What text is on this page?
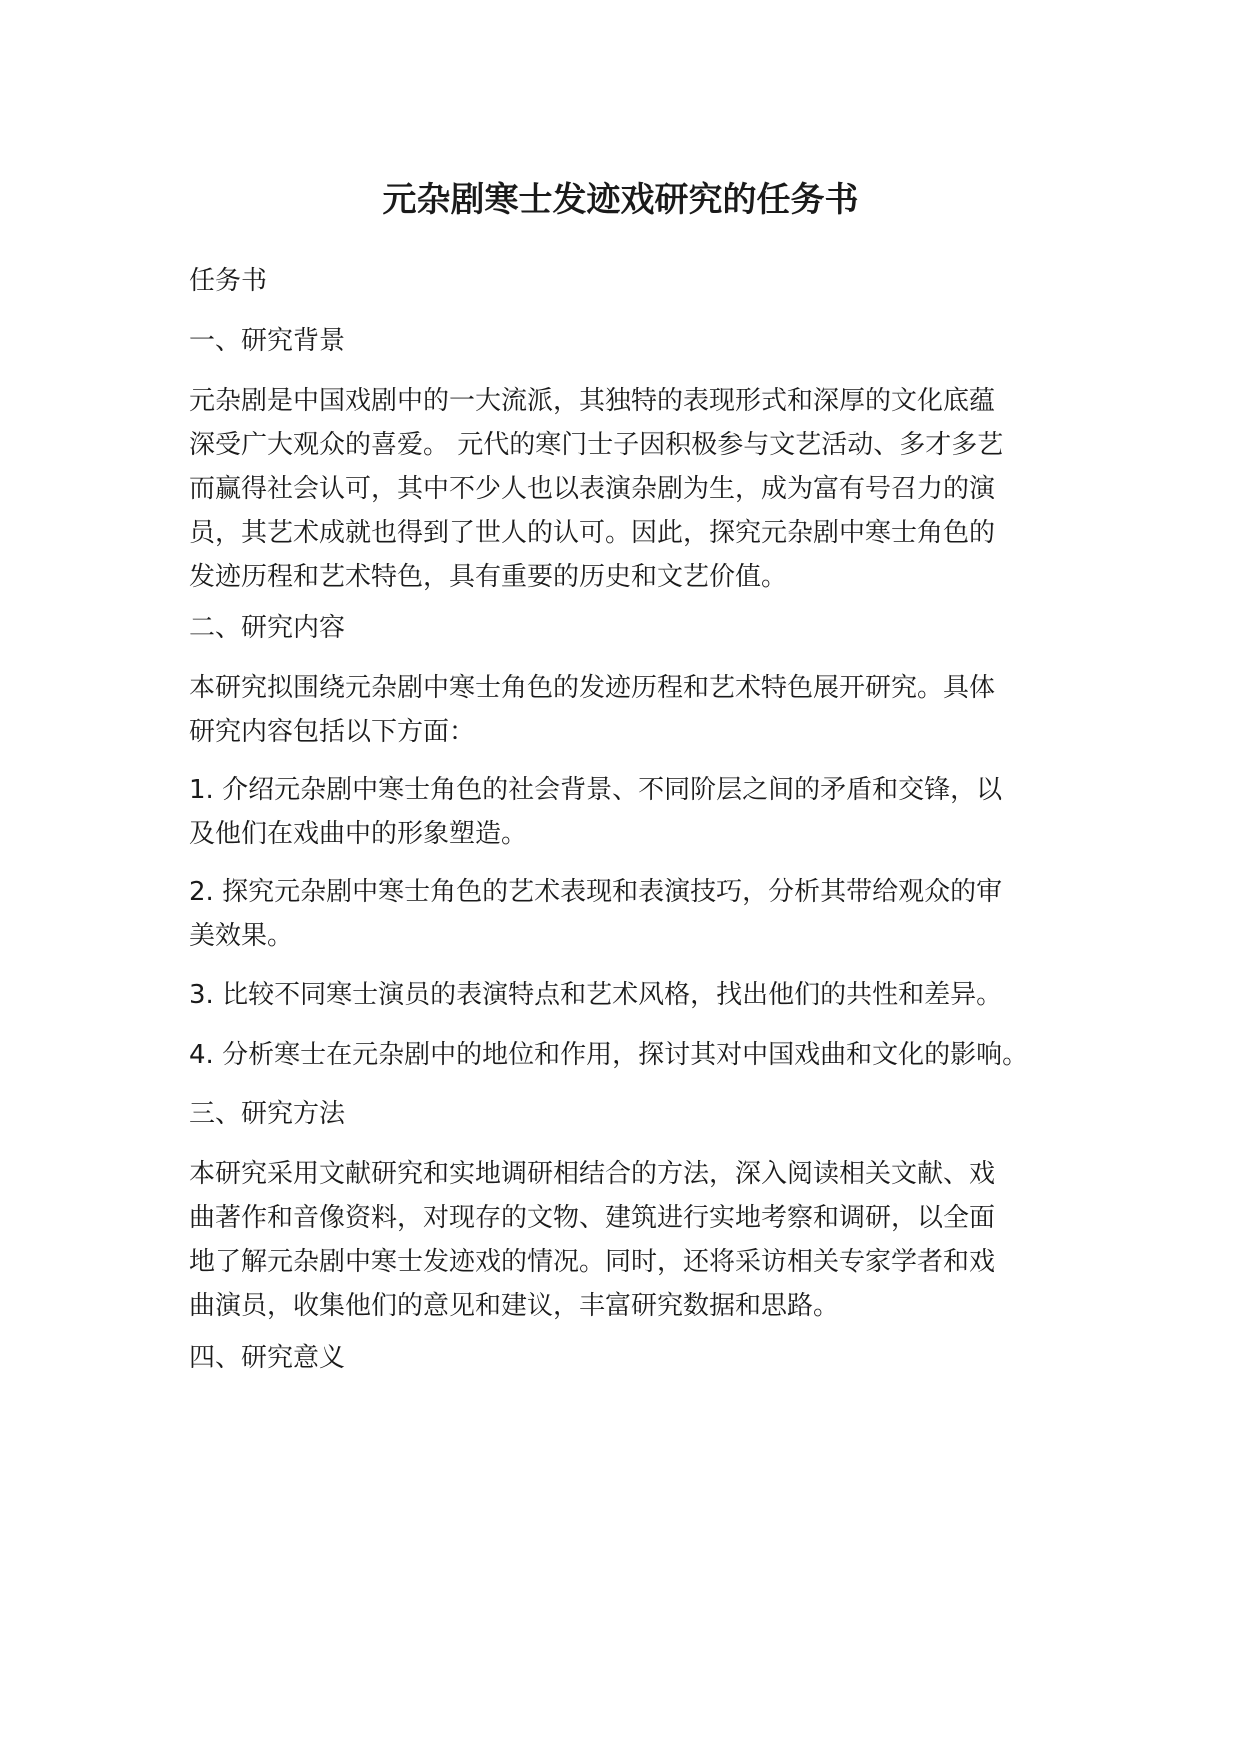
元杂剧寒士发迹戏研究的任务书

任务书

一、研究背景

元杂剧是中国戏剧中的一大流派，其独特的表现形式和深厚的文化底蕴
深受广大观众的喜爱。 元代的寒门士子因积极参与文艺活动、多才多艺
而赢得社会认可，其中不少人也以表演杂剧为生，成为富有号召力的演
员，其艺术成就也得到了世人的认可。因此，探究元杂剧中寒士角色的
发迹历程和艺术特色，具有重要的历史和文艺价值。

二、研究内容

本研究拟围绕元杂剧中寒士角色的发迹历程和艺术特色展开研究。具体
研究内容包括以下方面：

1. 介绍元杂剧中寒士角色的社会背景、不同阶层之间的矛盾和交锋，以
及他们在戏曲中的形象塑造。

2. 探究元杂剧中寒士角色的艺术表现和表演技巧，分析其带给观众的审
美效果。

3. 比较不同寒士演员的表演特点和艺术风格，找出他们的共性和差异。

4. 分析寒士在元杂剧中的地位和作用，探讨其对中国戏曲和文化的影响。

三、研究方法

本研究采用文献研究和实地调研相结合的方法，深入阅读相关文献、戏
曲著作和音像资料，对现存的文物、建筑进行实地考察和调研，以全面
地了解元杂剧中寒士发迹戏的情况。同时，还将采访相关专家学者和戏
曲演员，收集他们的意见和建议，丰富研究数据和思路。

四、研究意义
